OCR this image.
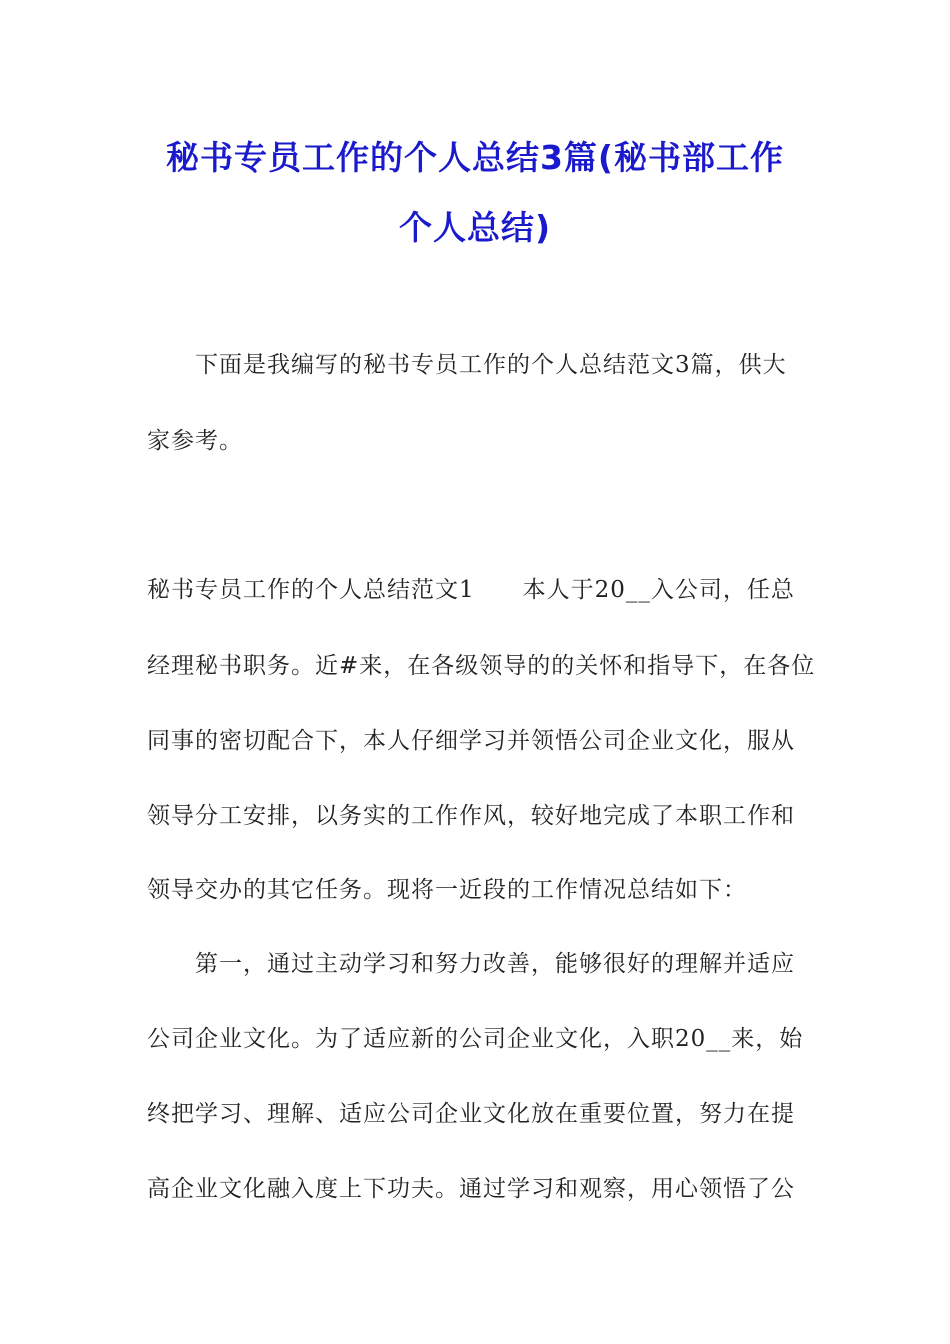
秘书专员工作的个人总结3篇(秘书部工作
个人总结)
下面是我编写的秘书专员工作的个人总结范文3篇，供大
家参考。
秘书专员工作的个人总结范文1 本人于20__入公司，任总
经理秘书职务。近#来，在各级领导的的关怀和指导下，在各位
同事的密切配合下，本人仔细学习并领悟公司企业文化，服从
领导分工安排，以务实的工作作风，较好地完成了本职工作和
领导交办的其它任务。现将一近段的工作情况总结如下：
第一，通过主动学习和努力改善，能够很好的理解并适应
公司企业文化。为了适应新的公司企业文化，入职20__来，始
终把学习、理解、适应公司企业文化放在重要位置，努力在提
高企业文化融入度上下功夫。通过学习和观察，用心领悟了公
